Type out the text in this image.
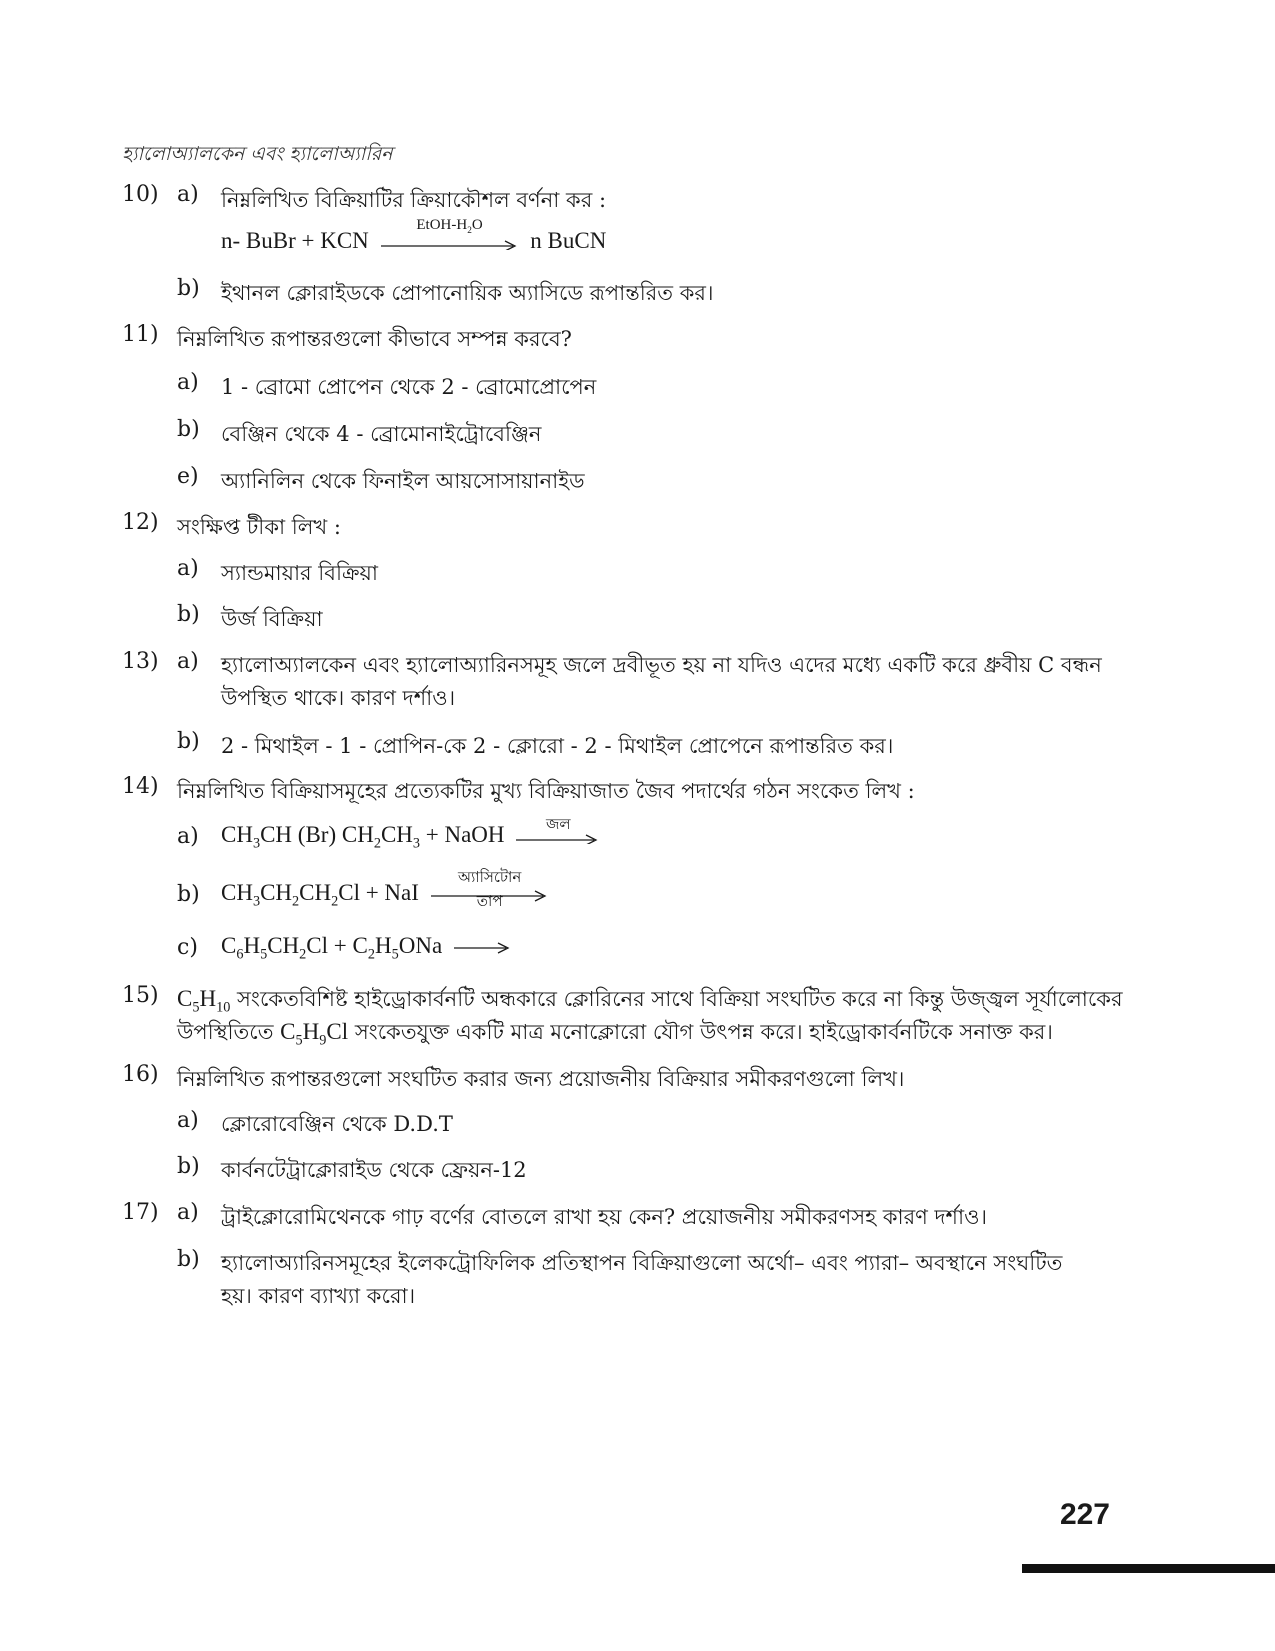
হ্যালোঅ্যালকেন এবং হ্যালোঅ্যারিন
10) a) নিম্নলিখিত বিক্রিয়াটির ক্রিয়াকৌশল বর্ণনা কর :
n- BuBr + KCN
EtOH-$H_2O$
n BuCN
b) ইথানল ক্লোরাইডকে প্রোপানোয়িক অ্যাসিডে রূপান্তরিত কর।
11) নিম্নলিখিত রূপান্তরগুলো কীভাবে সম্পন্ন করবে?
a) 1 - ব্রোমো প্রোপেন থেকে 2 - ব্রোমোপ্রোপেন
b) বেঞ্জিন থেকে 4 - ব্রোমোনাইট্রোবেঞ্জিন
e) অ্যানিলিন থেকে ফিনাইল আয়সোসায়ানাইড
12) সংক্ষিপ্ত টীকা লিখ :
a) স্যান্ডমায়ার বিক্রিয়া
b) উর্জ বিক্রিয়া
13) a) হ্যালোঅ্যালকেন এবং হ্যালোঅ্যারিনসমূহ জলে দ্রবীভূত হয় না যদিও এদের মধ্যে একটি করে ধ্রুবীয় C বন্ধন
উপস্থিত থাকে। কারণ দর্শাও।
b) 2 - মিথাইল - 1 - প্রোপিন-কে 2 - ক্লোরো - 2 - মিথাইল প্রোপেনে রূপান্তরিত কর।
14) নিম্নলিখিত বিক্রিয়াসমূহের প্রত্যেকটির মুখ্য বিক্রিয়াজাত জৈব পদার্থের গঠন সংকেত লিখ :
a) $CH_3CH$ (Br) $CH_2CH_3$ + NaOH	জল
b) $CH_3CH_2CH_2Cl$ + NaI
অ্যাসিটোন
তাপ
c) $C_6H_5CH_2Cl + C_2H_5ONa$
15) $C_5H_{10}$ সংকেতবিশিষ্ট হাইড্রোকার্বনটি অন্ধকারে ক্লোরিনের সাথে বিক্রিয়া সংঘটিত করে না কিন্তু উজ্জ্বল সূর্যালোকের
উপস্থিতিতে $C_5H_9Cl$ সংকেতযুক্ত একটি মাত্র মনোক্লোরো যৌগ উৎপন্ন করে। হাইড্রোকার্বনটিকে সনাক্ত কর।
16) নিম্নলিখিত রূপান্তরগুলো সংঘটিত করার জন্য প্রয়োজনীয় বিক্রিয়ার সমীকরণগুলো লিখ।
a) ক্লোরোবেঞ্জিন থেকে D.D.T
b) কার্বনটেট্রাক্লোরাইড থেকে ফ্রেয়ন-12
17) a) ট্রাইক্লোরোমিথেনকে গাঢ় বর্ণের বোতলে রাখা হয় কেন? প্রয়োজনীয় সমীকরণসহ কারণ দর্শাও।
b) হ্যালোঅ্যারিনসমূহের ইলেকট্রোফিলিক প্রতিস্থাপন বিক্রিয়াগুলো অর্থো– এবং প্যারা– অবস্থানে সংঘটিত
হয়। কারণ ব্যাখ্যা করো।
227
